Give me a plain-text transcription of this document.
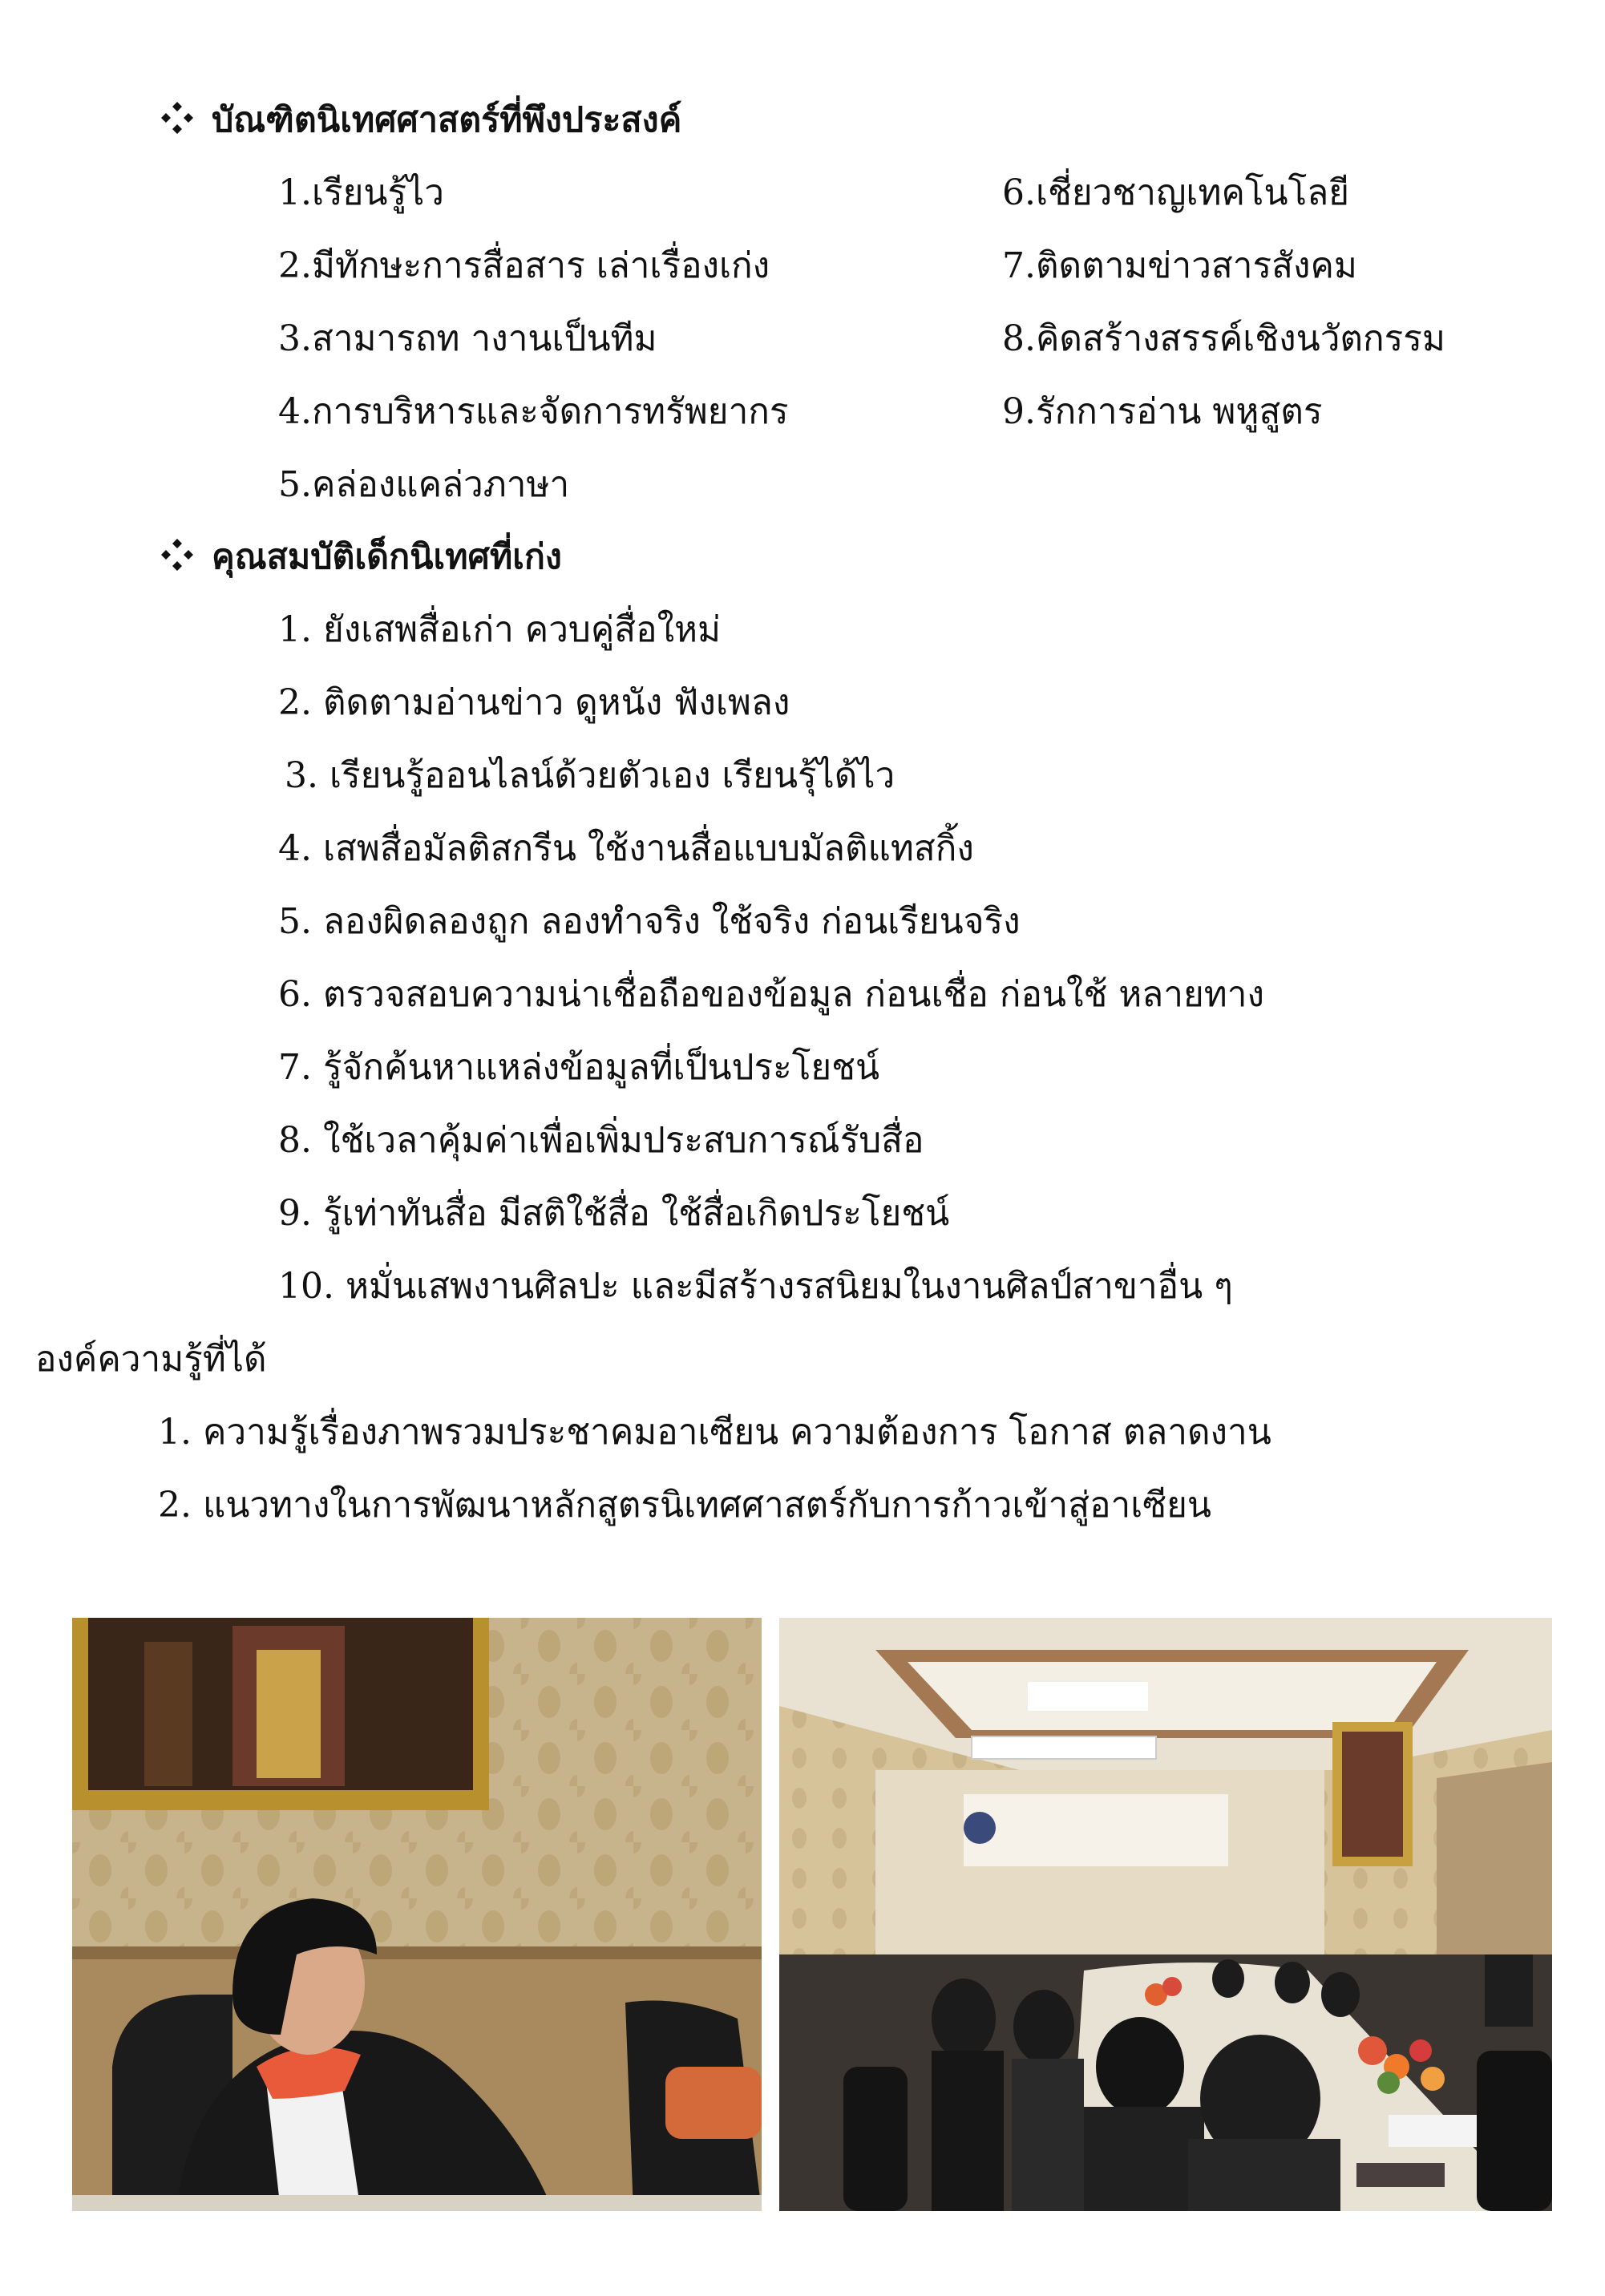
บัณฑิตนิเทศศาสตร์ที่พึงประสงค์
1.เรียนรู้ไว
2.มีทักษะการสื่อสาร เล่าเรื่องเก่ง
3.สามารถท างานเป็นทีม
4.การบริหารและจัดการทรัพยากร
5.คล่องแคล่วภาษา
6.เชี่ยวชาญเทคโนโลยี
7.ติดตามข่าวสารสังคม
8.คิดสร้างสรรค์เชิงนวัตกรรม
9.รักการอ่าน พหูสูตร
คุณสมบัติเด็กนิเทศที่เก่ง
1. ยังเสพสื่อเก่า ควบคู่สื่อใหม่
2. ติดตามอ่านข่าว ดูหนัง ฟังเพลง
3. เรียนรู้ออนไลน์ด้วยตัวเอง เรียนรุ้ได้ไว
4. เสพสื่อมัลติสกรีน ใช้งานสื่อแบบมัลติแทสกิ้ง
5. ลองผิดลองถูก ลองทำจริง ใช้จริง ก่อนเรียนจริง
6. ตรวจสอบความน่าเชื่อถือของข้อมูล ก่อนเชื่อ ก่อนใช้ หลายทาง
7. รู้จักค้นหาแหล่งข้อมูลที่เป็นประโยชน์
8. ใช้เวลาคุ้มค่าเพื่อเพิ่มประสบการณ์รับสื่อ
9. รู้เท่าทันสื่อ มีสติใช้สื่อ ใช้สื่อเกิดประโยชน์
10. หมั่นเสพงานศิลปะ และมีสร้างรสนิยมในงานศิลป์สาขาอื่น ๆ
องค์ความรู้ที่ได้
1. ความรู้เรื่องภาพรวมประชาคมอาเซียน ความต้องการ โอกาส ตลาดงาน
2. แนวทางในการพัฒนาหลักสูตรนิเทศศาสตร์กับการก้าวเข้าสู่อาเซียน
